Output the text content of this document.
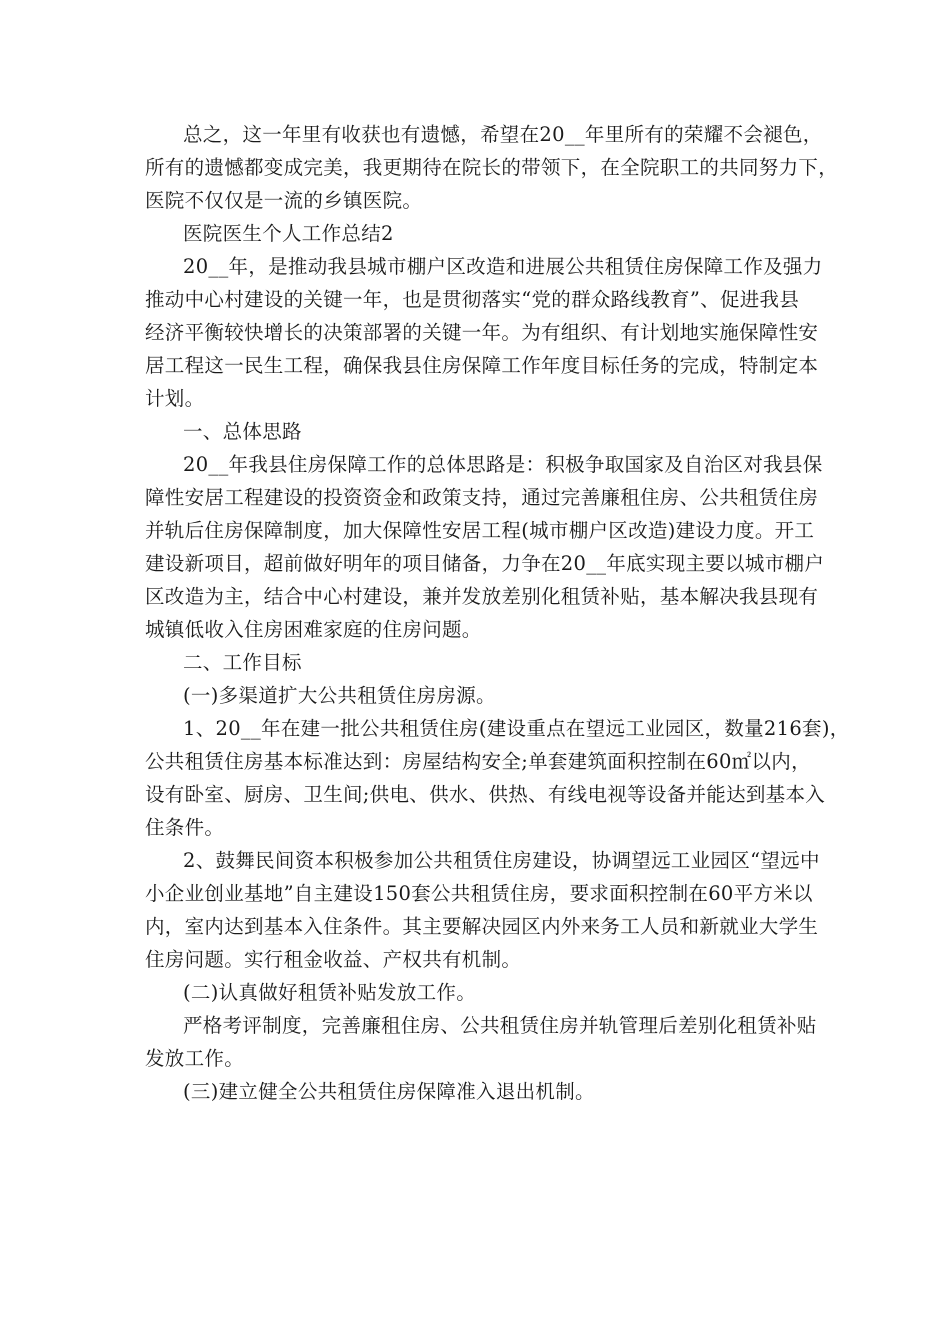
总之，这一年里有收获也有遗憾，希望在20__年里所有的荣耀不会褪色，
所有的遗憾都变成完美，我更期待在院长的带领下，在全院职工的共同努力下，
医院不仅仅是一流的乡镇医院。
医院医生个人工作总结2
20__年，是推动我县城市棚户区改造和进展公共租赁住房保障工作及强力
推动中心村建设的关键一年，也是贯彻落实“党的群众路线教育”、促进我县
经济平衡较快增长的决策部署的关键一年。为有组织、有计划地实施保障性安
居工程这一民生工程，确保我县住房保障工作年度目标任务的完成，特制定本
计划。
一、总体思路
20__年我县住房保障工作的总体思路是：积极争取国家及自治区对我县保
障性安居工程建设的投资资金和政策支持，通过完善廉租住房、公共租赁住房
并轨后住房保障制度，加大保障性安居工程(城市棚户区改造)建设力度。开工
建设新项目，超前做好明年的项目储备，力争在20__年底实现主要以城市棚户
区改造为主，结合中心村建设，兼并发放差别化租赁补贴，基本解决我县现有
城镇低收入住房困难家庭的住房问题。
二、工作目标
(一)多渠道扩大公共租赁住房房源。
1、20__年在建一批公共租赁住房(建设重点在望远工业园区，数量216套)，
公共租赁住房基本标准达到：房屋结构安全;单套建筑面积控制在60㎡以内，
设有卧室、厨房、卫生间;供电、供水、供热、有线电视等设备并能达到基本入
住条件。
2、鼓舞民间资本积极参加公共租赁住房建设，协调望远工业园区“望远中
小企业创业基地”自主建设150套公共租赁住房，要求面积控制在60平方米以
内，室内达到基本入住条件。其主要解决园区内外来务工人员和新就业大学生
住房问题。实行租金收益、产权共有机制。
(二)认真做好租赁补贴发放工作。
严格考评制度，完善廉租住房、公共租赁住房并轨管理后差别化租赁补贴
发放工作。
(三)建立健全公共租赁住房保障准入退出机制。
